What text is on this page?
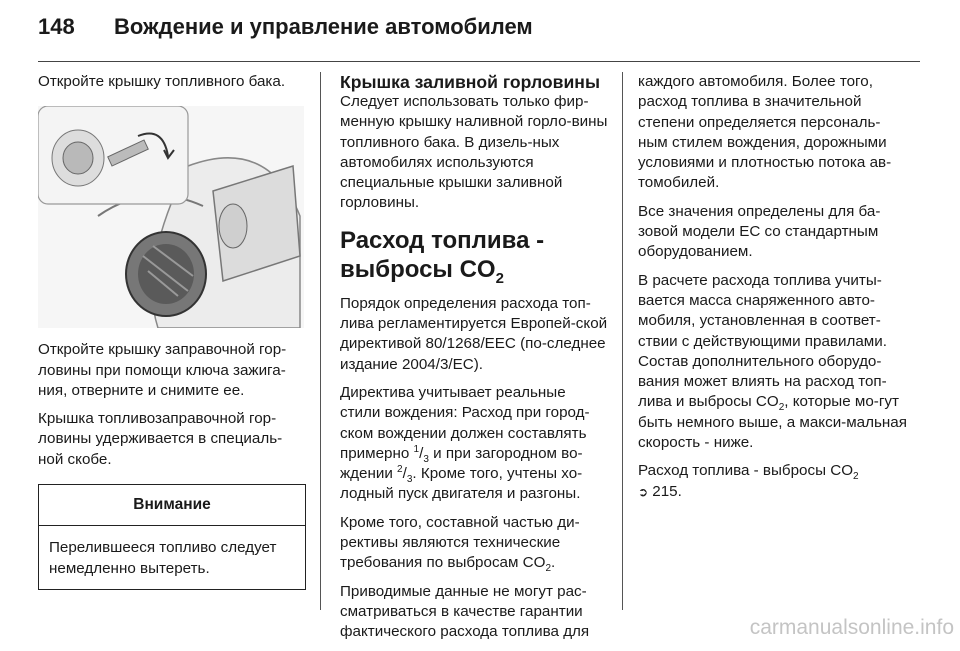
148	Вождение и управление автомобилем

Откройте крышку топливного бака.

Откройте крышку заправочной гор-ловины при помощи ключа зажига-ния, отверните и снимите ее.

Крышка топливозаправочной гор-ловины удерживается в специаль-ной скобе.

Внимание
Перелившееся топливо следует немедленно вытереть.
Крышка заливной горловины

Следует использовать только фир-менную крышку наливной горло-вины топливного бака. В дизель-ных автомобилях используются специальные крышки заливной горловины.

Расход топлива -
выбросы $CO_2$

Порядок определения расхода топ-лива регламентируется Европей-ской директивой 80/1268/ЕЕС (по-следнее издание 2004/3/ЕС).

Директива учитывает реальные стили вождения: Расход при город-ском вождении должен составлять примерно $^1/_3$ и при загородном во-ждении $^2/_3$. Кроме того, учтены хо-лодный пуск двигателя и разгоны.

Кроме того, составной частью ди-рективы являются технические требования по выбросам $CO_2$.

Приводимые данные не могут рас-сматриваться в качестве гарантии фактического расхода топлива для

каждого автомобиля. Более того, расход топлива в значительной степени определяется персональ-ным стилем вождения, дорожными условиями и плотностью потока ав-томобилей.

Все значения определены для ба-зовой модели ЕС со стандартным оборудованием.

В расчете расхода топлива учиты-вается масса снаряженного авто-мобиля, установленная в соответ-ствии с действующими правилами. Состав дополнительного оборудо-вания может влиять на расход топ-лива и выбросы $CO_2$, которые мо-гут быть немного выше, а макси-мальная скорость - ниже.

Расход топлива - выбросы $CO_2$
➲ 215.

carmanualsonline.info
